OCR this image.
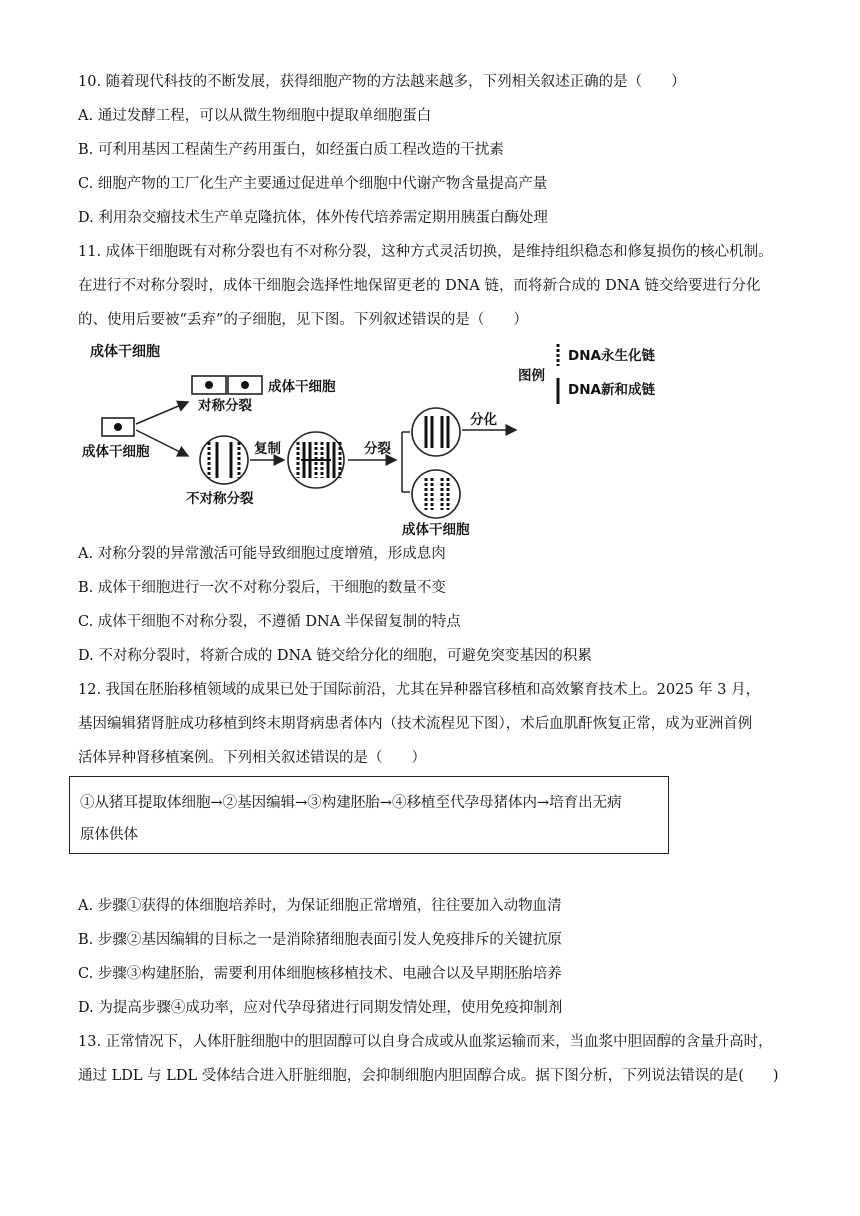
10. 随着现代科技的不断发展，获得细胞产物的方法越来越多，下列相关叙述正确的是（　　）
A. 通过发酵工程，可以从微生物细胞中提取单细胞蛋白
B. 可利用基因工程菌生产药用蛋白，如经蛋白质工程改造的干扰素
C. 细胞产物的工厂化生产主要通过促进单个细胞中代谢产物含量提高产量
D. 利用杂交瘤技术生产单克隆抗体，体外传代培养需定期用胰蛋白酶处理
11. 成体干细胞既有对称分裂也有不对称分裂，这种方式灵活切换，是维持组织稳态和修复损伤的核心机制。
在进行不对称分裂时，成体干细胞会选择性地保留更老的 DNA 链，而将新合成的 DNA 链交给要进行分化
的、使用后要被“丢弃”的子细胞，见下图。下列叙述错误的是（　　）
成体干细胞
成体干细胞
成体干细胞
对称分裂
不对称分裂
复制	分裂
分化
成体干细胞
图例
DNA永生化链
DNA新和成链
A. 对称分裂的异常激活可能导致细胞过度增殖，形成息肉
B. 成体干细胞进行一次不对称分裂后，干细胞的数量不变
C. 成体干细胞不对称分裂，不遵循 DNA 半保留复制的特点
D. 不对称分裂时，将新合成的 DNA 链交给分化的细胞，可避免突变基因的积累
12. 我国在胚胎移植领域的成果已处于国际前沿，尤其在异种器官移植和高效繁育技术上。2025 年 3 月，
基因编辑猪肾脏成功移植到终末期肾病患者体内（技术流程见下图），术后血肌酐恢复正常，成为亚洲首例
活体异种肾移植案例。下列相关叙述错误的是（　　）
①从猪耳提取体细胞→②基因编辑→③构建胚胎→④移植至代孕母猪体内→培育出无病
原体供体
A. 步骤①获得的体细胞培养时，为保证细胞正常增殖，往往要加入动物血清
B. 步骤②基因编辑的目标之一是消除猪细胞表面引发人免疫排斥的关键抗原
C. 步骤③构建胚胎，需要利用体细胞核移植技术、电融合以及早期胚胎培养
D. 为提高步骤④成功率，应对代孕母猪进行同期发情处理，使用免疫抑制剂
13. 正常情况下，人体肝脏细胞中的胆固醇可以自身合成或从血浆运输而来，当血浆中胆固醇的含量升高时，
通过 LDL 与 LDL 受体结合进入肝脏细胞，会抑制细胞内胆固醇合成。据下图分析，下列说法错误的是(　　)
